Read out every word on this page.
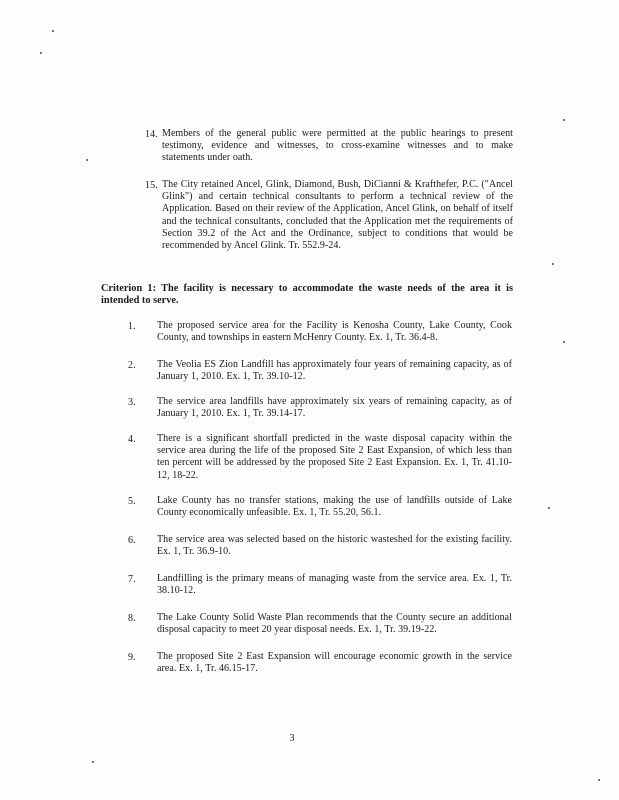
14. Members of the general public were permitted at the public hearings to present testimony, evidence and witnesses, to cross-examine witnesses and to make statements under oath.
15. The City retained Ancel, Glink, Diamond, Bush, DiCianni & Krafthefer, P.C. ("Ancel Glink") and certain technical consultants to perform a technical review of the Application. Based on their review of the Application, Ancel Glink, on behalf of itself and the technical consultants, concluded that the Application met the requirements of Section 39.2 of the Act and the Ordinance, subject to conditions that would be recommended by Ancel Glink. Tr. 552.9-24.
Criterion 1: The facility is necessary to accommodate the waste needs of the area it is intended to serve.
1. The proposed service area for the Facility is Kenosha County, Lake County, Cook County, and townships in eastern McHenry County. Ex. 1, Tr. 36.4-8.
2. The Veolia ES Zion Landfill has approximately four years of remaining capacity, as of January 1, 2010. Ex. 1, Tr. 39.10-12.
3. The service area landfills have approximately six years of remaining capacity, as of January 1, 2010. Ex. 1, Tr. 39.14-17.
4. There is a significant shortfall predicted in the waste disposal capacity within the service area during the life of the proposed Site 2 East Expansion, of which less than ten percent will be addressed by the proposed Site 2 East Expansion. Ex. 1, Tr. 41.10-12, 18-22.
5. Lake County has no transfer stations, making the use of landfills outside of Lake County economically unfeasible. Ex. 1, Tr. 55.20, 56.1.
6. The service area was selected based on the historic wasteshed for the existing facility. Ex. 1, Tr. 36.9-10.
7. Landfilling is the primary means of managing waste from the service area. Ex. 1, Tr. 38.10-12.
8. The Lake County Solid Waste Plan recommends that the County secure an additional disposal capacity to meet 20 year disposal needs. Ex. 1, Tr. 39.19-22.
9. The proposed Site 2 East Expansion will encourage economic growth in the service area. Ex. 1, Tr. 46.15-17.
3
